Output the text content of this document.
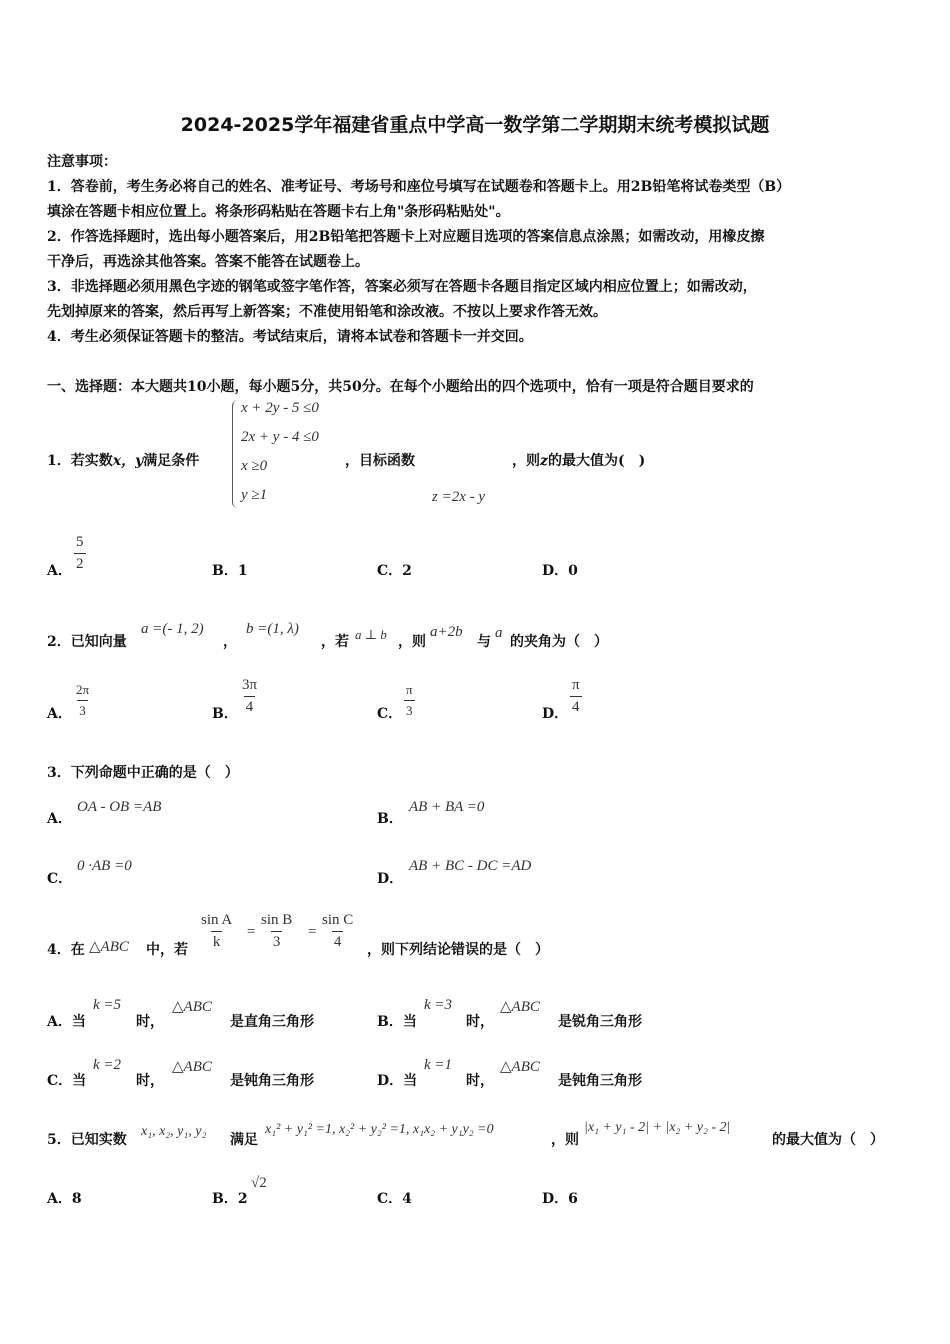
2024-2025学年福建省重点中学高一数学第二学期期末统考模拟试题
注意事项：
1．答卷前，考生务必将自己的姓名、准考证号、考场号和座位号填写在试题卷和答题卡上。用2B铅笔将试卷类型（B）
填涂在答题卡相应位置上。将条形码粘贴在答题卡右上角"条形码粘贴处"。
2．作答选择题时，选出每小题答案后，用2B铅笔把答题卡上对应题目选项的答案信息点涂黑；如需改动，用橡皮擦
干净后，再选涂其他答案。答案不能答在试题卷上。
3．非选择题必须用黑色字迹的钢笔或签字笔作答，答案必须写在答题卡各题目指定区域内相应位置上；如需改动，
先划掉原来的答案，然后再写上新答案；不准使用铅笔和涂改液。不按以上要求作答无效。
4．考生必须保证答题卡的整洁。考试结束后，请将本试卷和答题卡一并交回。
一、选择题：本大题共10小题，每小题5分，共50分。在每个小题给出的四个选项中，恰有一项是符合题目要求的
1．若实数x，y满足条件
x + 2y - 5 ≤0
2x + y - 4 ≤0
x ≥0
y ≥1
，目标函数
z =2x - y
，则z的最大值为(　)
A． $\frac{5}{2}$	B．1	C．2	D．0
2．已知向量
a =(- 1, 2)
，
b =(1, λ)
，若 a ⊥ b ，则
a+2b
与
a
的夹角为（　）
A． $\frac{2\pi}{3}$	B． $\frac{3\pi}{4}$	C． $\frac{\pi}{3}$	D． $\frac{\pi}{4}$
3．下列命题中正确的是（　）
A．
OA - OB =AB
B．
AB + BA =0
C．
0 ·AB =0
D．
AB + BC - DC =AD
4．在 △ABC 中，若 $\frac{\text{sin A}}{k} = \frac{\text{sin B}}{3} = \frac{\text{sin C}}{4}$ ，则下列结论错误的是（　）
A．当
k =5
时，
△ABC
是直角三角形	B．当
k =3
时，
△ABC
是锐角三角形
C．当
k =2
时，
△ABC
是钝角三角形	D．当
k =1
时，
△ABC
是钝角三角形
5．已知实数
x₁, x₂, y₁, y₂
满足
x₁² + y₁² =1, x₂² + y₂² =1, x₁x₂ + y₁y₂ =0
，则
|x₁ + y₁ - 2| + |x₂ + y₂ - 2|
的最大值为（　）
A．8	B．2
√2
C．4	D．6
